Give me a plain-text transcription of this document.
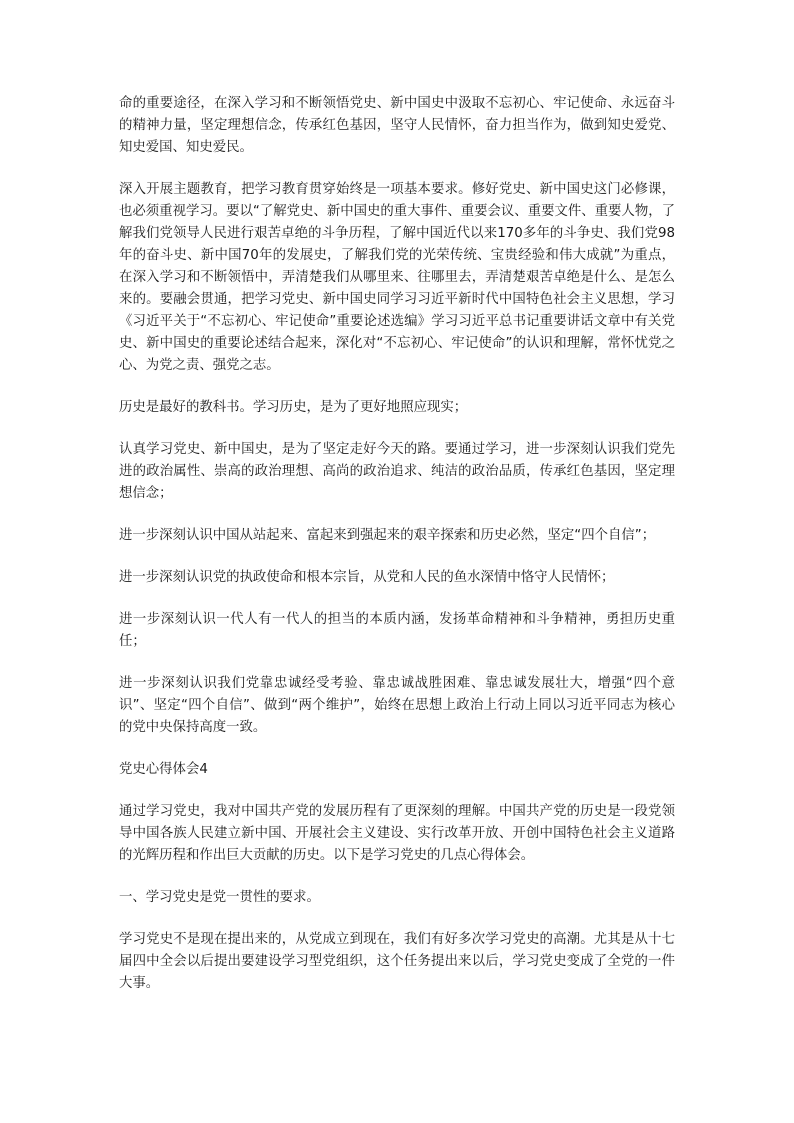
命的重要途径，在深入学习和不断领悟党史、新中国史中汲取不忘初心、牢记使命、永远奋斗的精神力量，坚定理想信念，传承红色基因，坚守人民情怀，奋力担当作为，做到知史爱党、知史爱国、知史爱民。

深入开展主题教育，把学习教育贯穿始终是一项基本要求。修好党史、新中国史这门必修课，也必须重视学习。要以“了解党史、新中国史的重大事件、重要会议、重要文件、重要人物，了解我们党领导人民进行艰苦卓绝的斗争历程，了解中国近代以来170多年的斗争史、我们党98年的奋斗史、新中国70年的发展史，了解我们党的光荣传统、宝贵经验和伟大成就”为重点，在深入学习和不断领悟中，弄清楚我们从哪里来、往哪里去，弄清楚艰苦卓绝是什么、是怎么来的。要融会贯通，把学习党史、新中国史同学习习近平新时代中国特色社会主义思想，学习《习近平关于“不忘初心、牢记使命”重要论述选编》学习习近平总书记重要讲话文章中有关党史、新中国史的重要论述结合起来，深化对“不忘初心、牢记使命”的认识和理解，常怀忧党之心、为党之责、强党之志。

历史是最好的教科书。学习历史，是为了更好地照应现实；

认真学习党史、新中国史，是为了坚定走好今天的路。要通过学习，进一步深刻认识我们党先进的政治属性、崇高的政治理想、高尚的政治追求、纯洁的政治品质，传承红色基因，坚定理想信念；

进一步深刻认识中国从站起来、富起来到强起来的艰辛探索和历史必然，坚定“四个自信”；

进一步深刻认识党的执政使命和根本宗旨，从党和人民的鱼水深情中恪守人民情怀；

进一步深刻认识一代人有一代人的担当的本质内涵，发扬革命精神和斗争精神，勇担历史重任；

进一步深刻认识我们党靠忠诚经受考验、靠忠诚战胜困难、靠忠诚发展壮大，增强“四个意识”、坚定“四个自信”、做到“两个维护”，始终在思想上政治上行动上同以习近平同志为核心的党中央保持高度一致。

党史心得体会4

通过学习党史，我对中国共产党的发展历程有了更深刻的理解。中国共产党的历史是一段党领导中国各族人民建立新中国、开展社会主义建设、实行改革开放、开创中国特色社会主义道路的光辉历程和作出巨大贡献的历史。以下是学习党史的几点心得体会。

一、学习党史是党一贯性的要求。

学习党史不是现在提出来的，从党成立到现在，我们有好多次学习党史的高潮。尤其是从十七届四中全会以后提出要建设学习型党组织，这个任务提出来以后，学习党史变成了全党的一件大事。
